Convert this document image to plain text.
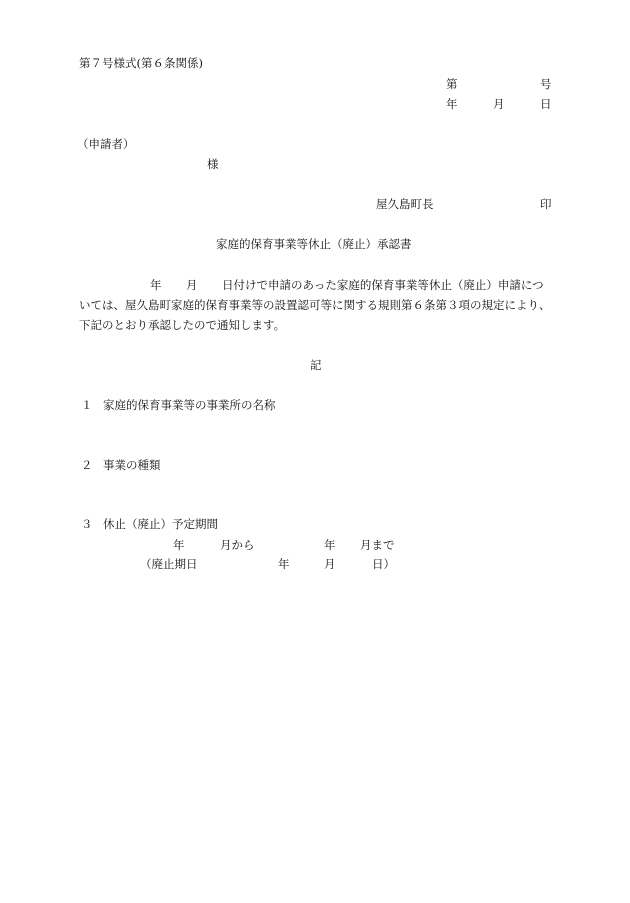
第７号様式(第６条関係)
第	号
年	月	日
（申請者）
様
屋久島町長	印
家庭的保育事業等休止（廃止）承認書
年 月 日付けで申請のあった家庭的保育事業等休止（廃止）申請につ
いては、屋久島町家庭的保育事業等の設置認可等に関する規則第６条第３項の規定により、
下記のとおり承認したので通知します。
記
１ 家庭的保育事業等の事業所の名称
２ 事業の種類
３ 休止（廃止）予定期間
年	月から	年 月まで
（廃止期日	年	月	日）
